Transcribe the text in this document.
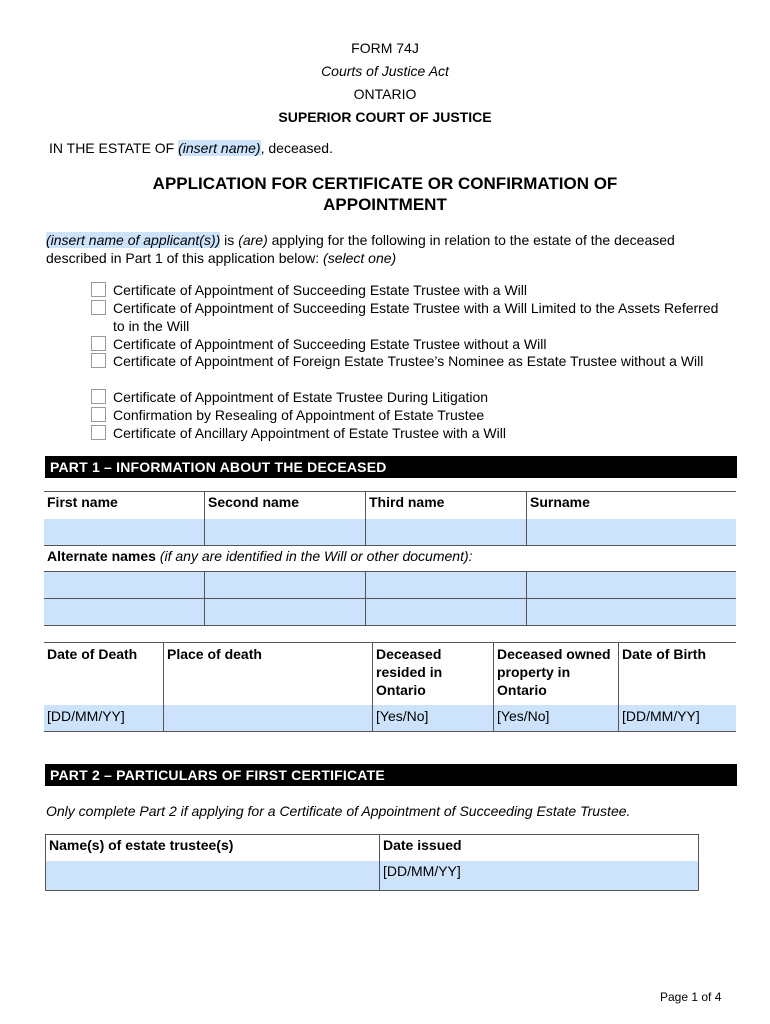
FORM 74J
Courts of Justice Act
ONTARIO
SUPERIOR COURT OF JUSTICE
IN THE ESTATE OF (insert name), deceased.
APPLICATION FOR CERTIFICATE OR CONFIRMATION OF
APPOINTMENT
(insert name of applicant(s)) is (are) applying for the following in relation to the estate of the deceased
described in Part 1 of this application below: (select one)
Certificate of Appointment of Succeeding Estate Trustee with a Will
Certificate of Appointment of Succeeding Estate Trustee with a Will Limited to the Assets Referred to in the Will
Certificate of Appointment of Succeeding Estate Trustee without a Will
Certificate of Appointment of Foreign Estate Trustee’s Nominee as Estate Trustee without a Will
Certificate of Appointment of Estate Trustee During Litigation
Confirmation by Resealing of Appointment of Estate Trustee
Certificate of Ancillary Appointment of Estate Trustee with a Will
PART 1 – INFORMATION ABOUT THE DECEASED
First name	Second name	Third name	Surname

Alternate names (if any are identified in the Will or other document):			

Date of Death	Place of death	Deceased resided in Ontario	Deceased owned property in Ontario	Date of Birth
[DD/MM/YY]		[Yes/No]	[Yes/No]	[DD/MM/YY]
PART 2 – PARTICULARS OF FIRST CERTIFICATE
Only complete Part 2 if applying for a Certificate of Appointment of Succeeding Estate Trustee.
Name(s) of estate trustee(s)	Date issued
	[DD/MM/YY]
Page 1 of 4
